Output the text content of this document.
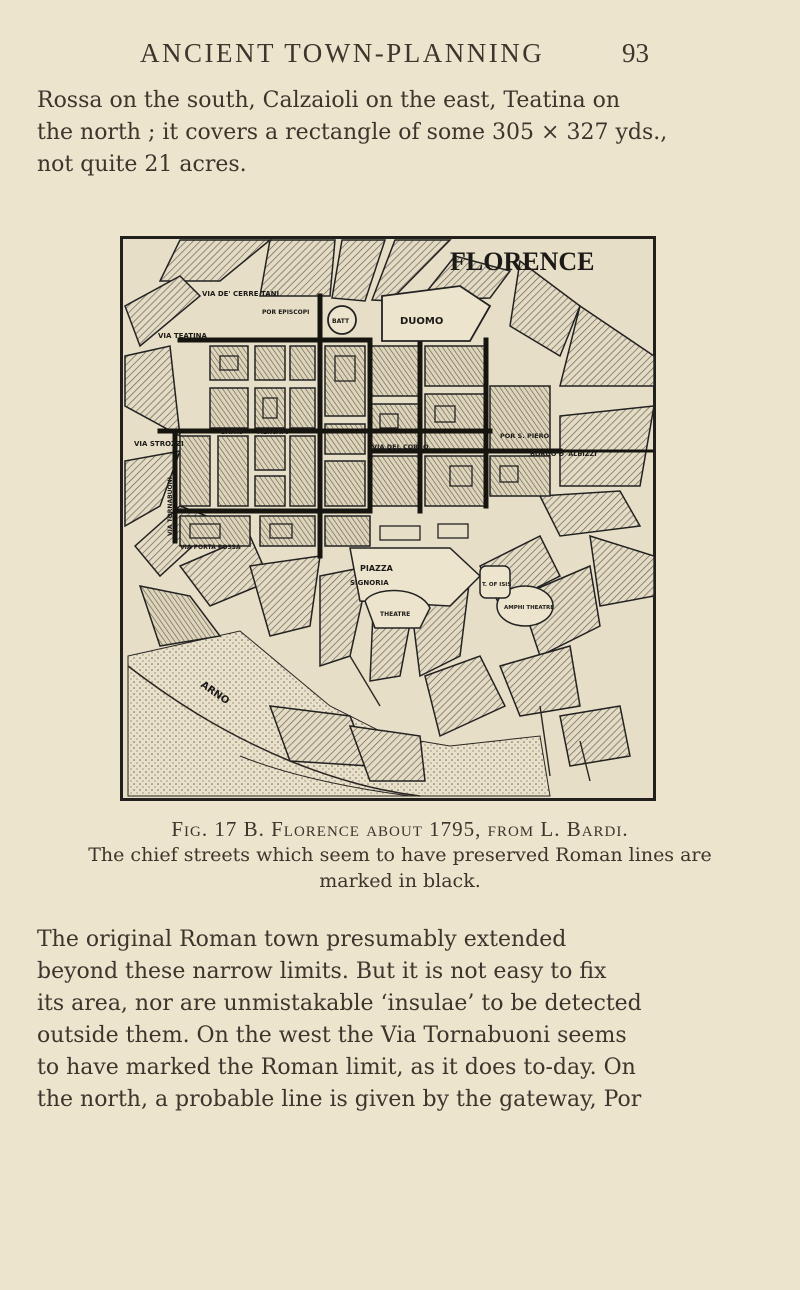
ANCIENT TOWN-PLANNING	93

Rossa on the south, Calzaioli on the east, Teatina on
the north ; it covers a rectangle of some 305 × 327 yds.,
not quite 21 acres.

FLORENCE
VIA DE' CERRE TANI
VIA TEATINA
POR EPISCOPI
BATT	DUOMO
VIA STROZZI
VIA TORNABUONI
BATHS MERCATO
VIA DEL CORSO
POR S. PIERO
BORGO D' ALBIZZI
VIA PORTA ROSSA
PIAZZA
SIGNORIA
THEATRE
T. OF ISIS
AMPHI THEATRE
ARNO
Fig. 17 B. Florence about 1795, from L. Bardi.
The chief streets which seem to have preserved Roman lines are
marked in black.

The original Roman town presumably extended
beyond these narrow limits. But it is not easy to fix
its area, nor are unmistakable ‘insulae’ to be detected
outside them. On the west the Via Tornabuoni seems
to have marked the Roman limit, as it does to-day. On
the north, a probable line is given by the gateway, Por
